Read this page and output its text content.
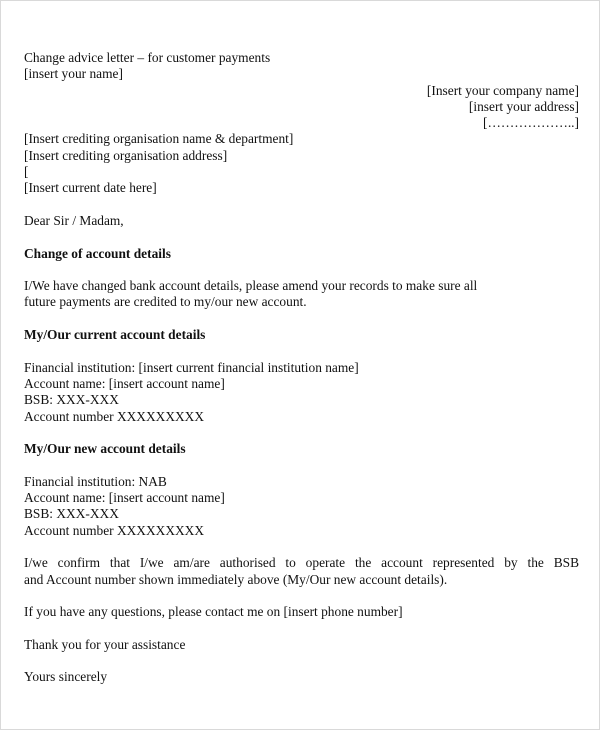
Change advice letter – for customer payments
[insert your name]
[Insert your company name]
[insert your address]
[………………..]
[Insert crediting organisation name & department]
[Insert crediting organisation address]
[
[Insert current date here]
Dear Sir / Madam,
Change of account details
I/We have changed bank account details, please amend your records to make sure all
future payments are credited to my/our new account.
My/Our current account details
Financial institution: [insert current financial institution name]
Account name: [insert account name]
BSB: XXX-XXX
Account number XXXXXXXXX
My/Our new account details
Financial institution: NAB
Account name: [insert account name]
BSB: XXX-XXX
Account number XXXXXXXXX
I/we confirm that I/we am/are authorised to operate the account represented by the BSB
and Account number shown immediately above (My/Our new account details).
If you have any questions, please contact me on [insert phone number]
Thank you for your assistance
Yours sincerely
